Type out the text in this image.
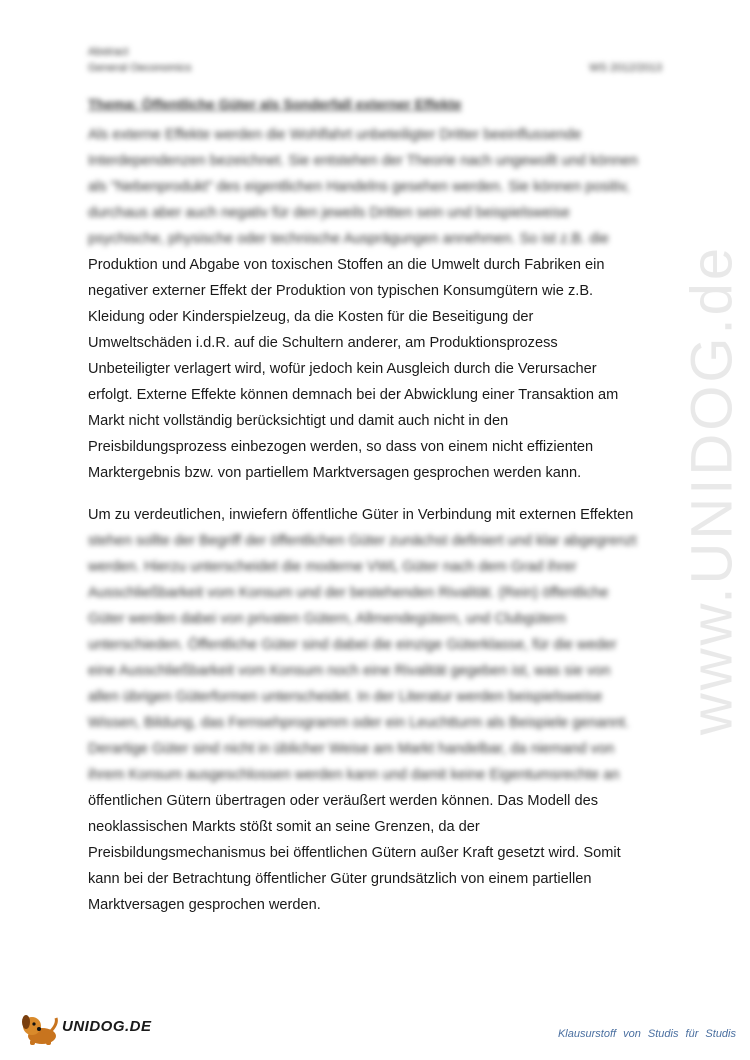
Abstract
General Oeconomics	WS 2012/2013
Thema: Öffentliche Güter als Sonderfall externer Effekte
Als externe Effekte werden die Wohlfahrt unbeteiligter Dritter beeinflussende
Interdependenzen bezeichnet. Sie entstehen der Theorie nach ungewollt und können
als "Nebenprodukt" des eigentlichen Handelns gesehen werden. Sie können positiv,
durchaus aber auch negativ für den jeweils Dritten sein und beispielsweise
psychische, physische oder technische Ausprägungen annehmen. So ist z.B. die
Produktion und Abgabe von toxischen Stoffen an die Umwelt durch Fabriken ein
negativer externer Effekt der Produktion von typischen Konsumgütern wie z.B.
Kleidung oder Kinderspielzeug, da die Kosten für die Beseitigung der
Umweltschäden i.d.R. auf die Schultern anderer, am Produktionsprozess
Unbeteiligter verlagert wird, wofür jedoch kein Ausgleich durch die Verursacher
erfolgt. Externe Effekte können demnach bei der Abwicklung einer Transaktion am
Markt nicht vollständig berücksichtigt und damit auch nicht in den
Preisbildungsprozess einbezogen werden, so dass von einem nicht effizienten
Marktergebnis bzw. von partiellem Marktversagen gesprochen werden kann.
Um zu verdeutlichen, inwiefern öffentliche Güter in Verbindung mit externen Effekten
stehen sollte der Begriff der öffentlichen Güter zunächst definiert und klar abgegrenzt
werden. Hierzu unterscheidet die moderne VWL Güter nach dem Grad ihrer
Ausschließbarkeit vom Konsum und der bestehenden Rivalität. (Rein) öffentliche
Güter werden dabei von privaten Gütern, Allmendegütern, und Clubgütern
unterschieden. Öffentliche Güter sind dabei die einzige Güterklasse, für die weder
eine Ausschließbarkeit vom Konsum noch eine Rivalität gegeben ist, was sie von
allen übrigen Güterformen unterscheidet. In der Literatur werden beispielsweise
Wissen, Bildung, das Fernsehprogramm oder ein Leuchtturm als Beispiele genannt.
Derartige Güter sind nicht in üblicher Weise am Markt handelbar, da niemand von
ihrem Konsum ausgeschlossen werden kann und damit keine Eigentumsrechte an
öffentlichen Gütern übertragen oder veräußert werden können. Das Modell des
neoklassischen Markts stößt somit an seine Grenzen, da der
Preisbildungsmechanismus bei öffentlichen Gütern außer Kraft gesetzt wird. Somit
kann bei der Betrachtung öffentlicher Güter grundsätzlich von einem partiellen
Marktversagen gesprochen werden.
www.UNIDOG.de
UNIDOG.DE	Klausurstoff von Studis für Studis
